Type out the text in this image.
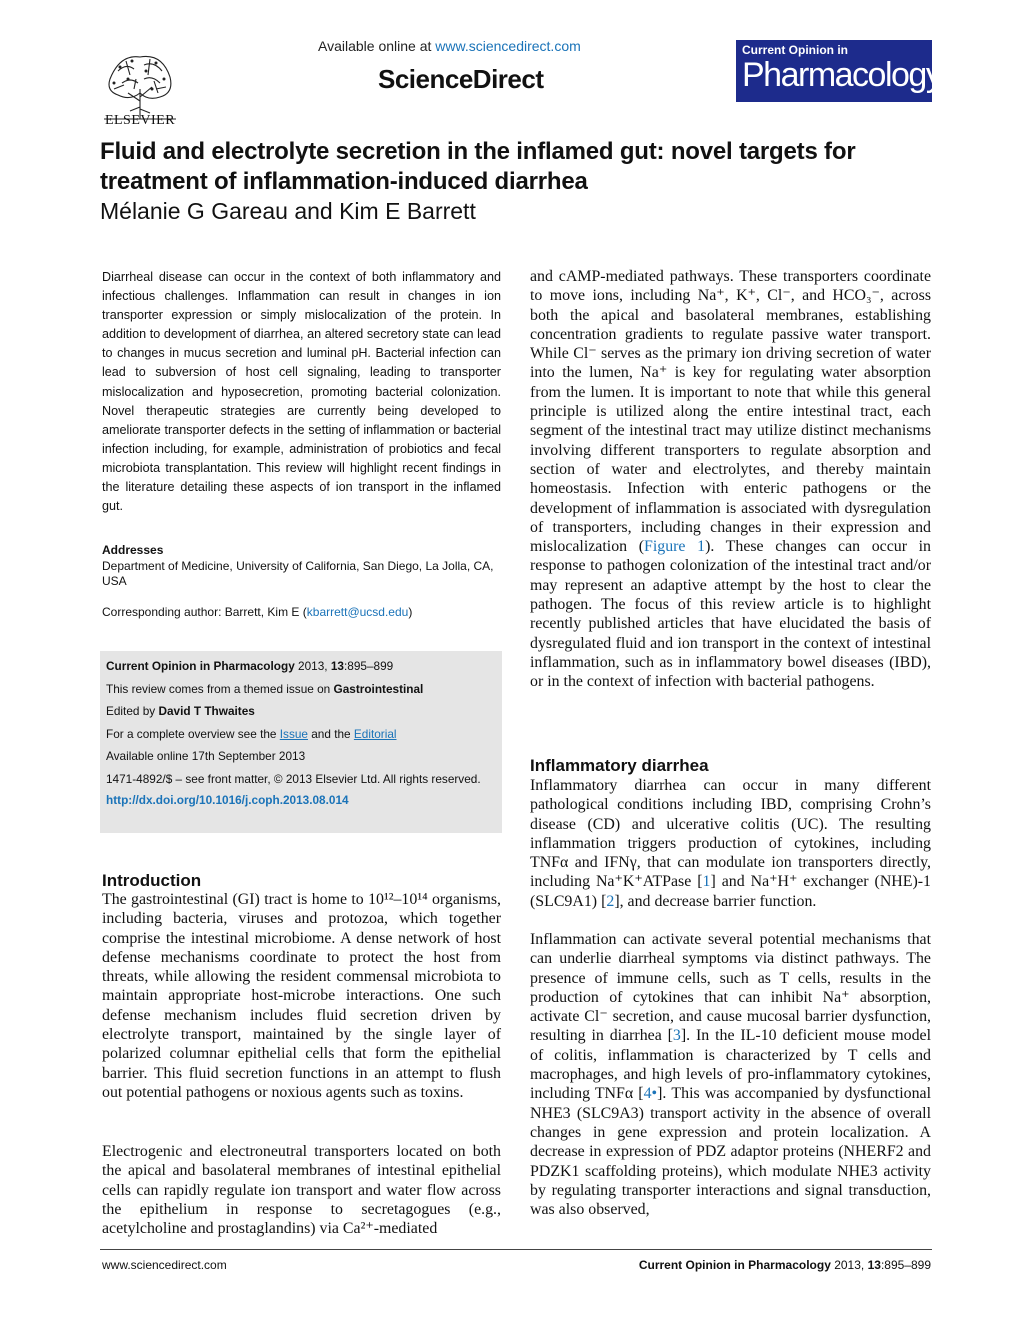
ELSEVIER
Available online at www.sciencedirect.com
ScienceDirect
Current Opinion in
Pharmacology
Fluid and electrolyte secretion in the inflamed gut: novel targets for treatment of inflammation-induced diarrhea
Mélanie G Gareau and Kim E Barrett
Diarrheal disease can occur in the context of both inflammatory and infectious challenges. Inflammation can result in changes in ion transporter expression or simply mislocalization of the protein. In addition to development of diarrhea, an altered secretory state can lead to changes in mucus secretion and luminal pH. Bacterial infection can lead to subversion of host cell signaling, leading to transporter mislocalization and hyposecretion, promoting bacterial colonization. Novel therapeutic strategies are currently being developed to ameliorate transporter defects in the setting of inflammation or bacterial infection including, for example, administration of probiotics and fecal microbiota transplantation. This review will highlight recent findings in the literature detailing these aspects of ion transport in the inflamed gut.
Addresses
Department of Medicine, University of California, San Diego, La Jolla, CA, USA
Corresponding author: Barrett, Kim E (kbarrett@ucsd.edu)
Current Opinion in Pharmacology 2013, 13:895–899
This review comes from a themed issue on Gastrointestinal
Edited by David T Thwaites
For a complete overview see the Issue and the Editorial
Available online 17th September 2013
1471-4892/$ – see front matter, © 2013 Elsevier Ltd. All rights reserved.
http://dx.doi.org/10.1016/j.coph.2013.08.014
Introduction
The gastrointestinal (GI) tract is home to 10¹²–10¹⁴ organisms, including bacteria, viruses and protozoa, which together comprise the intestinal microbiome. A dense network of host defense mechanisms coordinate to protect the host from threats, while allowing the resident commensal microbiota to maintain appropriate host-microbe interactions. One such defense mechanism includes fluid secretion driven by electrolyte transport, maintained by the single layer of polarized columnar epithelial cells that form the epithelial barrier. This fluid secretion functions in an attempt to flush out potential pathogens or noxious agents such as toxins.
Electrogenic and electroneutral transporters located on both the apical and basolateral membranes of intestinal epithelial cells can rapidly regulate ion transport and water flow across the epithelium in response to secretagogues (e.g., acetylcholine and prostaglandins) via Ca²⁺-mediated
and cAMP-mediated pathways. These transporters coordinate to move ions, including Na⁺, K⁺, Cl⁻, and HCO₃⁻, across both the apical and basolateral membranes, establishing concentration gradients to regulate passive water transport. While Cl⁻ serves as the primary ion driving secretion of water into the lumen, Na⁺ is key for regulating water absorption from the lumen. It is important to note that while this general principle is utilized along the entire intestinal tract, each segment of the intestinal tract may utilize distinct mechanisms involving different transporters to regulate absorption and section of water and electrolytes, and thereby maintain homeostasis. Infection with enteric pathogens or the development of inflammation is associated with dysregulation of transporters, including changes in their expression and mislocalization (Figure 1). These changes can occur in response to pathogen colonization of the intestinal tract and/or may represent an adaptive attempt by the host to clear the pathogen. The focus of this review article is to highlight recently published articles that have elucidated the basis of dysregulated fluid and ion transport in the context of intestinal inflammation, such as in inflammatory bowel diseases (IBD), or in the context of infection with bacterial pathogens.
Inflammatory diarrhea
Inflammatory diarrhea can occur in many different pathological conditions including IBD, comprising Crohn’s disease (CD) and ulcerative colitis (UC). The resulting inflammation triggers production of cytokines, including TNFα and IFNγ, that can modulate ion transporters directly, including Na⁺K⁺ATPase [1] and Na⁺H⁺ exchanger (NHE)-1 (SLC9A1) [2], and decrease barrier function.
Inflammation can activate several potential mechanisms that can underlie diarrheal symptoms via distinct pathways. The presence of immune cells, such as T cells, results in the production of cytokines that can inhibit Na⁺ absorption, activate Cl⁻ secretion, and cause mucosal barrier dysfunction, resulting in diarrhea [3]. In the IL-10 deficient mouse model of colitis, inflammation is characterized by T cells and macrophages, and high levels of pro-inflammatory cytokines, including TNFα [4•]. This was accompanied by dysfunctional NHE3 (SLC9A3) transport activity in the absence of overall changes in gene expression and protein localization. A decrease in expression of PDZ adaptor proteins (NHERF2 and PDZK1 scaffolding proteins), which modulate NHE3 activity by regulating transporter interactions and signal transduction, was also observed,
www.sciencedirect.com	Current Opinion in Pharmacology 2013, 13:895–899
